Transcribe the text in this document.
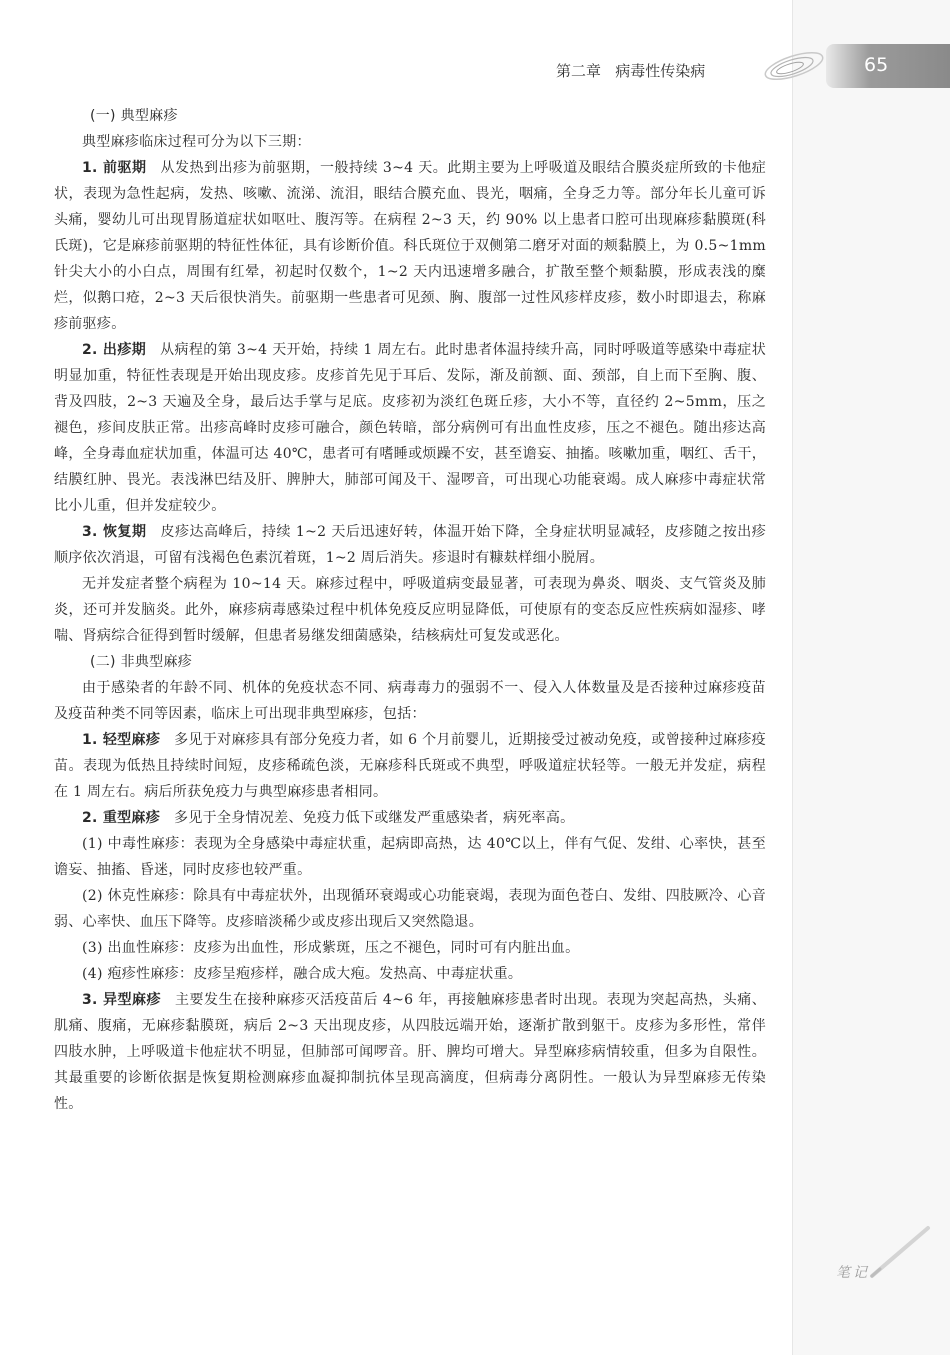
第二章   病毒性传染病	65
(一) 典型麻疹

典型麻疹临床过程可分为以下三期：

1. 前驱期 从发热到出疹为前驱期，一般持续 3~4 天。此期主要为上呼吸道及眼结合膜炎症所致的卡他症状，表现为急性起病，发热、咳嗽、流涕、流泪，眼结合膜充血、畏光，咽痛，全身乏力等。部分年长儿童可诉头痛，婴幼儿可出现胃肠道症状如呕吐、腹泻等。在病程 2~3 天，约 90% 以上患者口腔可出现麻疹黏膜斑(科氏斑)，它是麻疹前驱期的特征性体征，具有诊断价值。科氏斑位于双侧第二磨牙对面的颊黏膜上，为 0.5~1mm 针尖大小的小白点，周围有红晕，初起时仅数个，1~2 天内迅速增多融合，扩散至整个颊黏膜，形成表浅的糜烂，似鹅口疮，2~3 天后很快消失。前驱期一些患者可见颈、胸、腹部一过性风疹样皮疹，数小时即退去，称麻疹前驱疹。

2. 出疹期 从病程的第 3~4 天开始，持续 1 周左右。此时患者体温持续升高，同时呼吸道等感染中毒症状明显加重，特征性表现是开始出现皮疹。皮疹首先见于耳后、发际，渐及前额、面、颈部，自上而下至胸、腹、背及四肢，2~3 天遍及全身，最后达手掌与足底。皮疹初为淡红色斑丘疹，大小不等，直径约 2~5mm，压之褪色，疹间皮肤正常。出疹高峰时皮疹可融合，颜色转暗，部分病例可有出血性皮疹，压之不褪色。随出疹达高峰，全身毒血症状加重，体温可达 40℃，患者可有嗜睡或烦躁不安，甚至谵妄、抽搐。咳嗽加重，咽红、舌干，结膜红肿、畏光。表浅淋巴结及肝、脾肿大，肺部可闻及干、湿啰音，可出现心功能衰竭。成人麻疹中毒症状常比小儿重，但并发症较少。

3. 恢复期 皮疹达高峰后，持续 1~2 天后迅速好转，体温开始下降，全身症状明显减轻，皮疹随之按出疹顺序依次消退，可留有浅褐色色素沉着斑，1~2 周后消失。疹退时有糠麸样细小脱屑。

无并发症者整个病程为 10~14 天。麻疹过程中，呼吸道病变最显著，可表现为鼻炎、咽炎、支气管炎及肺炎，还可并发脑炎。此外，麻疹病毒感染过程中机体免疫反应明显降低，可使原有的变态反应性疾病如湿疹、哮喘、肾病综合征得到暂时缓解，但患者易继发细菌感染，结核病灶可复发或恶化。

(二) 非典型麻疹

由于感染者的年龄不同、机体的免疫状态不同、病毒毒力的强弱不一、侵入人体数量及是否接种过麻疹疫苗及疫苗种类不同等因素，临床上可出现非典型麻疹，包括：

1. 轻型麻疹 多见于对麻疹具有部分免疫力者，如 6 个月前婴儿，近期接受过被动免疫，或曾接种过麻疹疫苗。表现为低热且持续时间短，皮疹稀疏色淡，无麻疹科氏斑或不典型，呼吸道症状轻等。一般无并发症，病程在 1 周左右。病后所获免疫力与典型麻疹患者相同。

2. 重型麻疹 多见于全身情况差、免疫力低下或继发严重感染者，病死率高。

(1) 中毒性麻疹：表现为全身感染中毒症状重，起病即高热，达 40℃以上，伴有气促、发绀、心率快，甚至谵妄、抽搐、昏迷，同时皮疹也较严重。

(2) 休克性麻疹：除具有中毒症状外，出现循环衰竭或心功能衰竭，表现为面色苍白、发绀、四肢厥冷、心音弱、心率快、血压下降等。皮疹暗淡稀少或皮疹出现后又突然隐退。

(3) 出血性麻疹：皮疹为出血性，形成紫斑，压之不褪色，同时可有内脏出血。

(4) 疱疹性麻疹：皮疹呈疱疹样，融合成大疱。发热高、中毒症状重。

3. 异型麻疹 主要发生在接种麻疹灭活疫苗后 4~6 年，再接触麻疹患者时出现。表现为突起高热，头痛、肌痛、腹痛，无麻疹黏膜斑，病后 2~3 天出现皮疹，从四肢远端开始，逐渐扩散到躯干。皮疹为多形性，常伴四肢水肿，上呼吸道卡他症状不明显，但肺部可闻啰音。肝、脾均可增大。异型麻疹病情较重，但多为自限性。其最重要的诊断依据是恢复期检测麻疹血凝抑制抗体呈现高滴度，但病毒分离阴性。一般认为异型麻疹无传染性。

笔记
